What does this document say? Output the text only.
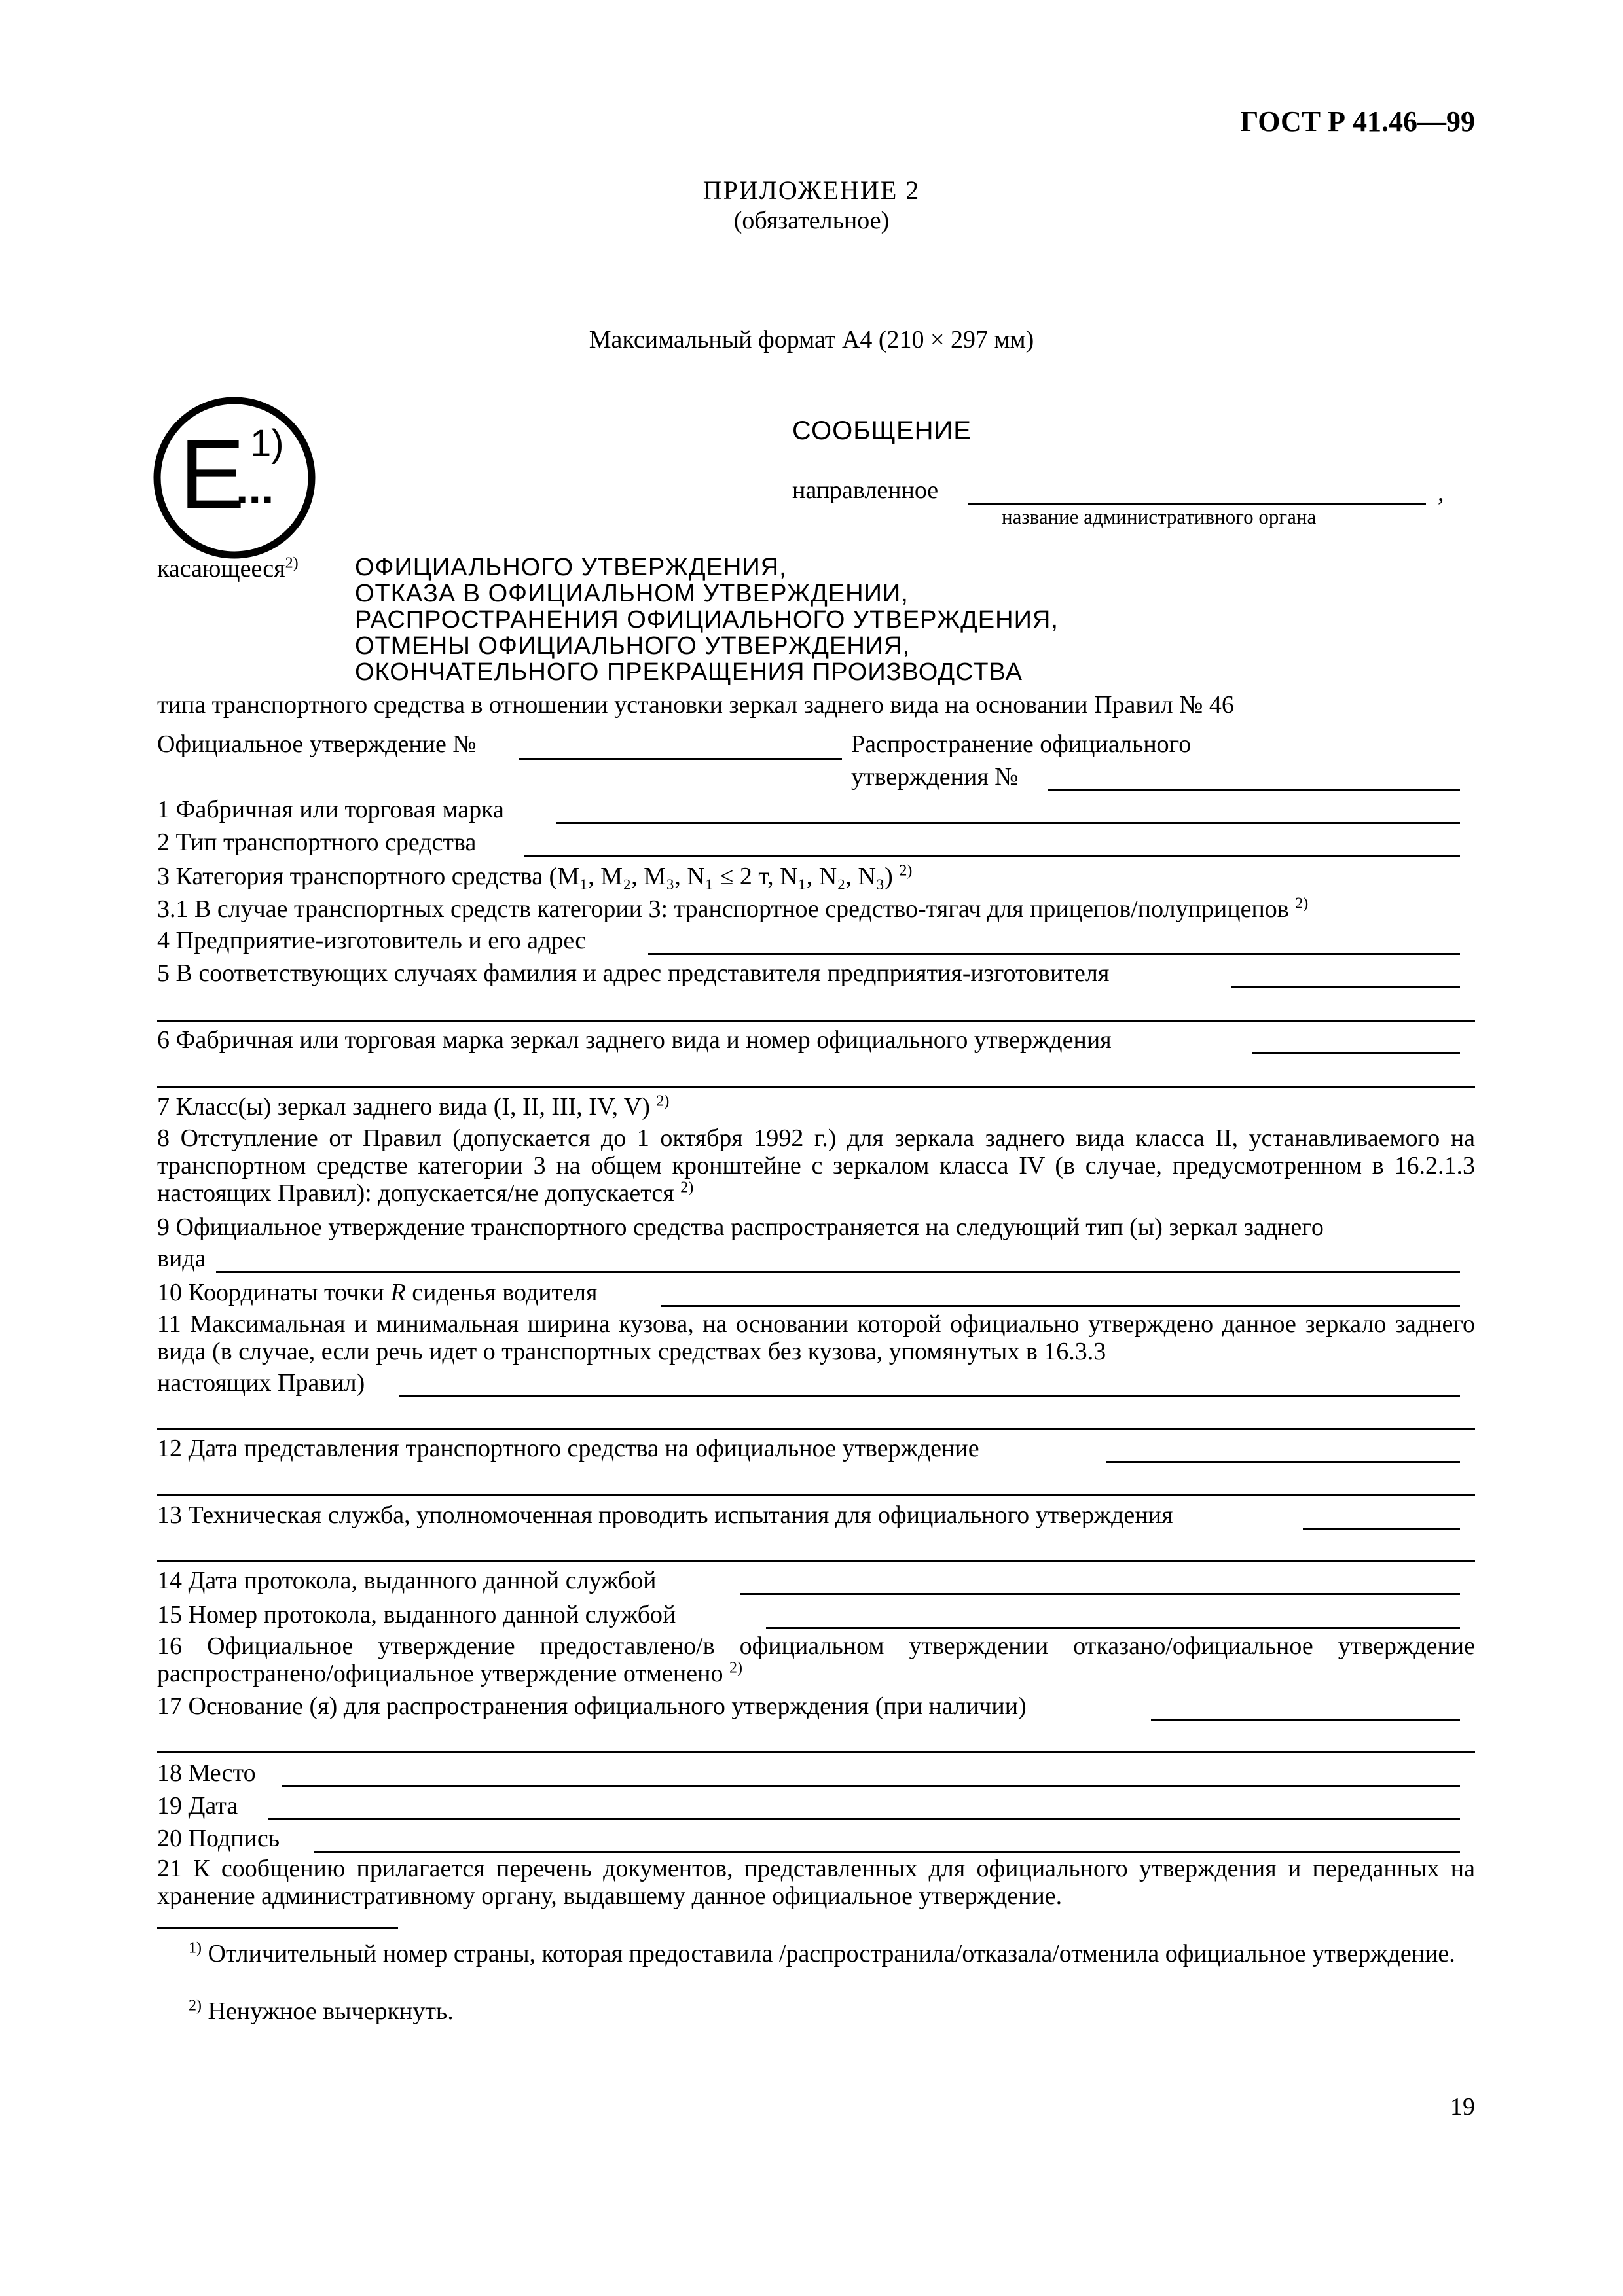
ГОСТ Р 41.46—99
ПРИЛОЖЕНИЕ 2
(обязательное)
Максимальный формат А4 (210 × 297 мм)
E
...
1)	СООБЩЕНИЕ
направленное	,
название административного органа
касающееся$^{2)}$ ОФИЦИАЛЬНОГО УТВЕРЖДЕНИЯ,
ОТКАЗА В ОФИЦИАЛЬНОМ УТВЕРЖДЕНИИ,
РАСПРОСТРАНЕНИЯ ОФИЦИАЛЬНОГО УТВЕРЖДЕНИЯ,
ОТМЕНЫ ОФИЦИАЛЬНОГО УТВЕРЖДЕНИЯ,
ОКОНЧАТЕЛЬНОГО ПРЕКРАЩЕНИЯ ПРОИЗВОДСТВА
типа транспортного средства в отношении установки зеркал заднего вида на основании Правил № 46
Официальное утверждение №	Распространение официального
утверждения №
1 Фабричная или торговая марка
2 Тип транспортного средства
3 Категория транспортного средства (M₁, M₂, M₃, N₁ ≤ 2 т, N₁, N₂, N₃) $^{2)}$
3.1 В случае транспортных средств категории 3: транспортное средство-тягач для прицепов/полуприцепов $^{2)}$
4 Предприятие-изготовитель и его адрес
5 В соответствующих случаях фамилия и адрес представителя предприятия-изготовителя
6 Фабричная или торговая марка зеркал заднего вида и номер официального утверждения
7 Класс(ы) зеркал заднего вида (I, II, III, IV, V) $^{2)}$
8 Отступление от Правил (допускается до 1 октября 1992 г.) для зеркала заднего вида класса II, устанавливаемого на транспортном средстве категории 3 на общем кронштейне с зеркалом класса IV (в случае, предусмотренном в 16.2.1.3 настоящих Правил): допускается/не допускается $^{2)}$
9 Официальное утверждение транспортного средства распространяется на следующий тип (ы) зеркал заднего
вида
10 Координаты точки R сиденья водителя
11 Максимальная и минимальная ширина кузова, на основании которой официально утверждено данное зеркало заднего вида (в случае, если речь идет о транспортных средствах без кузова, упомянутых в 16.3.3
настоящих Правил)
12 Дата представления транспортного средства на официальное утверждение
13 Техническая служба, уполномоченная проводить испытания для официального утверждения
14 Дата протокола, выданного данной службой
15 Номер протокола, выданного данной службой
16 Официальное утверждение предоставлено/в официальном утверждении отказано/официальное утверждение распространено/официальное утверждение отменено $^{2)}$
17 Основание (я) для распространения официального утверждения (при наличии)
18 Место
19 Дата
20 Подпись
21 К сообщению прилагается перечень документов, представленных для официального утверждения и переданных на хранение административному органу, выдавшему данное официальное утверждение.
$^{1)}$ Отличительный номер страны, которая предоставила /распространила/отказала/отменила официальное утверждение.
$^{2)}$ Ненужное вычеркнуть.
19
